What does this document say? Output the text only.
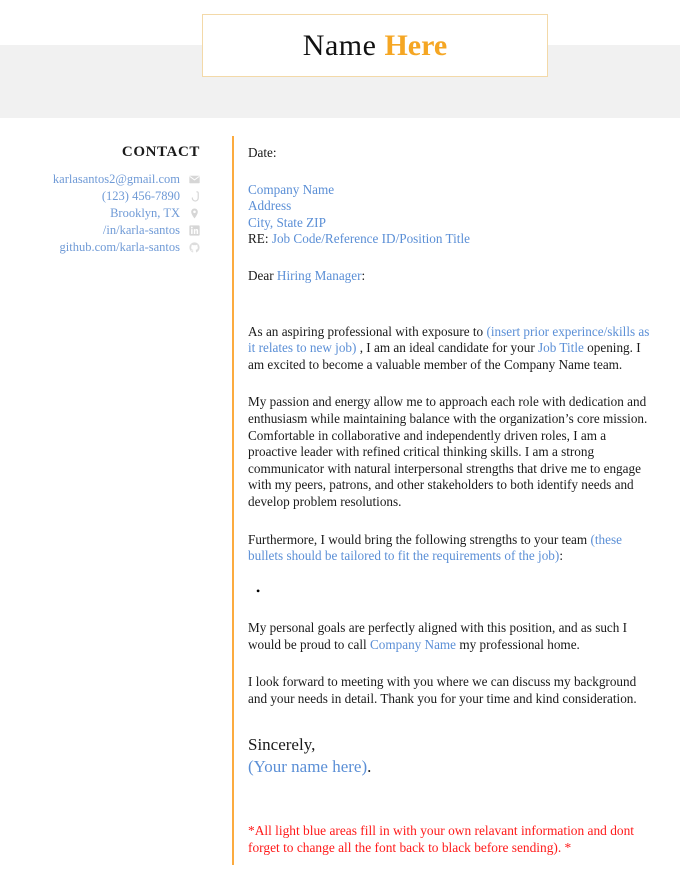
Name Here
CONTACT
karlasantos2@gmail.com
(123) 456-7890
Brooklyn, TX
/in/karla-santos
github.com/karla-santos
Date:
Company Name
Address
City, State ZIP
RE: Job Code/Reference ID/Position Title
Dear Hiring Manager:
As an aspiring professional with exposure to (insert prior experince/skills as it relates to new job) , I am an ideal candidate for your Job Title opening. I am excited to become a valuable member of the Company Name team.
My passion and energy allow me to approach each role with dedication and enthusiasm while maintaining balance with the organization’s core mission. Comfortable in collaborative and independently driven roles, I am a proactive leader with refined critical thinking skills. I am a strong communicator with natural interpersonal strengths that drive me to engage with my peers, patrons, and other stakeholders to both identify needs and develop problem resolutions.
Furthermore, I would bring the following strengths to your team (these bullets should be tailored to fit the requirements of the job):
•
My personal goals are perfectly aligned with this position, and as such I would be proud to call Company Name my professional home.
I look forward to meeting with you where we can discuss my background and your needs in detail. Thank you for your time and kind consideration.
Sincerely,
(Your name here).
*All light blue areas fill in with your own relavant information and dont forget to change all the font back to black before sending). *
